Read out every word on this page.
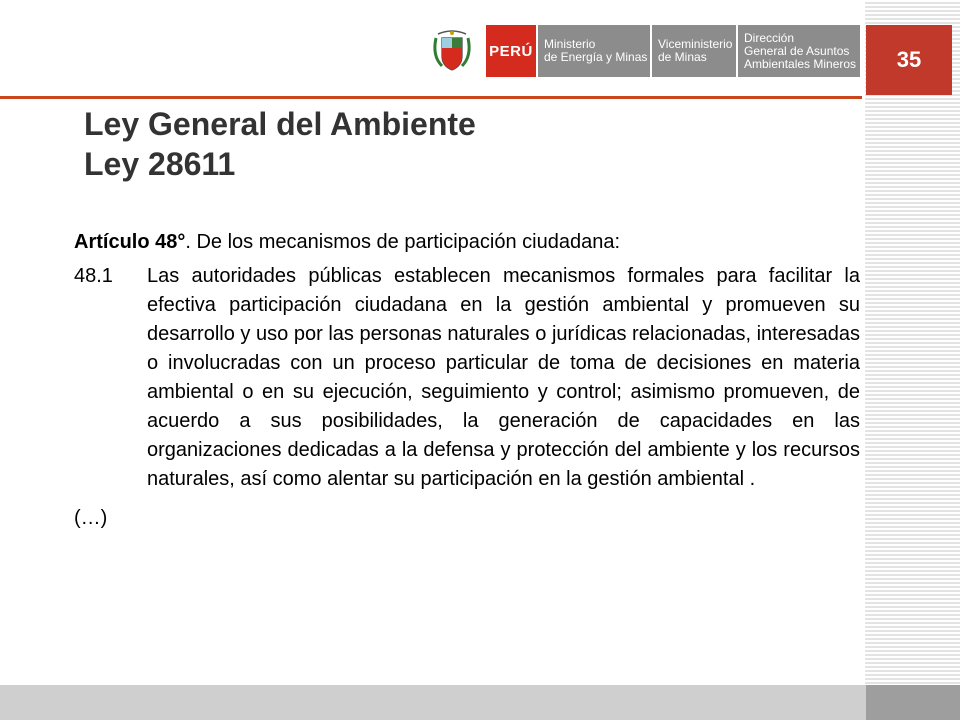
35
PERÚ Ministerio
de Energía y Minas
Viceministerio
de Minas
Dirección
General de Asuntos
Ambientales Mineros
Ley General del Ambiente
Ley 28611

Artículo 48°. De los mecanismos de participación ciudadana:

48.1 Las autoridades públicas establecen mecanismos formales para facilitar la efectiva participación ciudadana en la gestión ambiental y promueven su desarrollo y uso por las personas naturales o jurídicas relacionadas, interesadas o involucradas con un proceso particular de toma de decisiones en materia ambiental o en su ejecución, seguimiento y control; asimismo promueven, de acuerdo a sus posibilidades, la generación de capacidades en las organizaciones dedicadas a la defensa y protección del ambiente y los recursos naturales, así como alentar su participación en la gestión ambiental .

(…)
